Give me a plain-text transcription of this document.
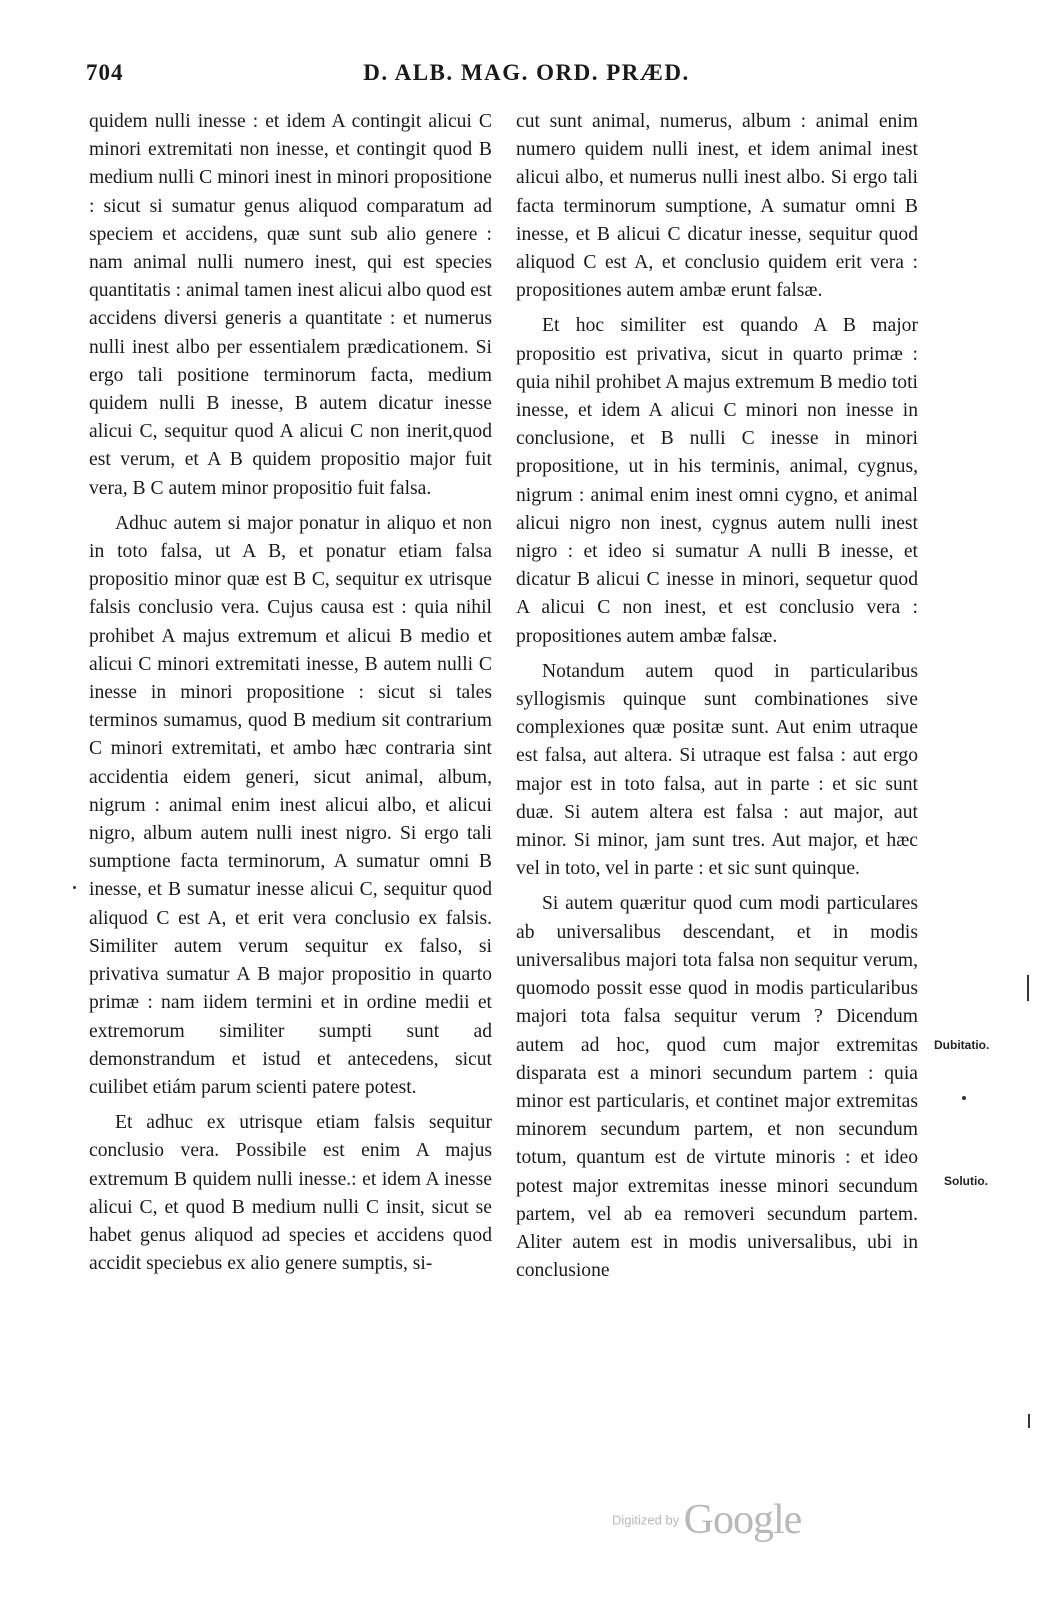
704	D. ALB. MAG. ORD. PRÆD.

quidem nulli inesse : et idem A contingit alicui C minori extremitati non inesse, et contingit quod B medium nulli C minori inest in minori propositione : sicut si sumatur genus aliquod comparatum ad speciem et accidens, quæ sunt sub alio genere : nam animal nulli numero inest, qui est species quantitatis : animal tamen inest alicui albo quod est accidens diversi generis a quantitate : et numerus nulli inest albo per essentialem prædicationem. Si ergo tali positione terminorum facta, medium quidem nulli B inesse, B autem dicatur inesse alicui C, sequitur quod A alicui C non inerit,quod est verum, et A B quidem propositio major fuit vera, B C autem minor propositio fuit falsa.

Adhuc autem si major ponatur in aliquo et non in toto falsa, ut A B, et ponatur etiam falsa propositio minor quæ est B C, sequitur ex utrisque falsis conclusio vera. Cujus causa est : quia nihil prohibet A majus extremum et alicui B medio et alicui C minori extremitati inesse, B autem nulli C inesse in minori propositione : sicut si tales terminos sumamus, quod B medium sit contrarium C minori extremitati, et ambo hæc contraria sint accidentia eidem generi, sicut animal, album, nigrum : animal enim inest alicui albo, et alicui nigro, album autem nulli inest nigro. Si ergo tali sumptione facta terminorum, A sumatur omni B inesse, et B sumatur inesse alicui C, sequitur quod aliquod C est A, et erit vera conclusio ex falsis. Similiter autem verum sequitur ex falso, si privativa sumatur A B major propositio in quarto primæ : nam iidem termini et in ordine medii et extremorum similiter sumpti sunt ad demonstrandum et istud et antecedens, sicut cuilibet etiám parum scienti patere potest.

Et adhuc ex utrisque etiam falsis sequitur conclusio vera. Possibile est enim A majus extremum B quidem nulli inesse.: et idem A inesse alicui C, et quod B medium nulli C insit, sicut se habet genus aliquod ad species et accidens quod accidit speciebus ex alio genere sumptis, si-

cut sunt animal, numerus, album : animal enim numero quidem nulli inest, et idem animal inest alicui albo, et numerus nulli inest albo. Si ergo tali facta terminorum sumptione, A sumatur omni B inesse, et B alicui C dicatur inesse, sequitur quod aliquod C est A, et conclusio quidem erit vera : propositiones autem ambæ erunt falsæ.

Et hoc similiter est quando A B major propositio est privativa, sicut in quarto primæ : quia nihil prohibet A majus extremum B medio toti inesse, et idem A alicui C minori non inesse in conclusione, et B nulli C inesse in minori propositione, ut in his terminis, animal, cygnus, nigrum : animal enim inest omni cygno, et animal alicui nigro non inest, cygnus autem nulli inest nigro : et ideo si sumatur A nulli B inesse, et dicatur B alicui C inesse in minori, sequetur quod A alicui C non inest, et est conclusio vera : propositiones autem ambæ falsæ.

Notandum autem quod in particularibus syllogismis quinque sunt combinationes sive complexiones quæ positæ sunt. Aut enim utraque est falsa, aut altera. Si utraque est falsa : aut ergo major est in toto falsa, aut in parte : et sic sunt duæ. Si autem altera est falsa : aut major, aut minor. Si minor, jam sunt tres. Aut major, et hæc vel in toto, vel in parte : et sic sunt quinque.

Si autem quæritur quod cum modi particulares ab universalibus descendant, et in modis universalibus majori tota falsa non sequitur verum, quomodo possit esse quod in modis particularibus majori tota falsa sequitur verum ? Dicendum autem ad hoc, quod cum major extremitas disparata est a minori secundum partem : quia minor est particularis, et continet major extremitas minorem secundum partem, et non secundum totum, quantum est de virtute minoris : et ideo potest major extremitas inesse minori secundum partem, vel ab ea removeri secundum partem. Aliter autem est in modis universalibus, ubi in conclusione

Dubitatio.
Solutio.
Digitized by Google
